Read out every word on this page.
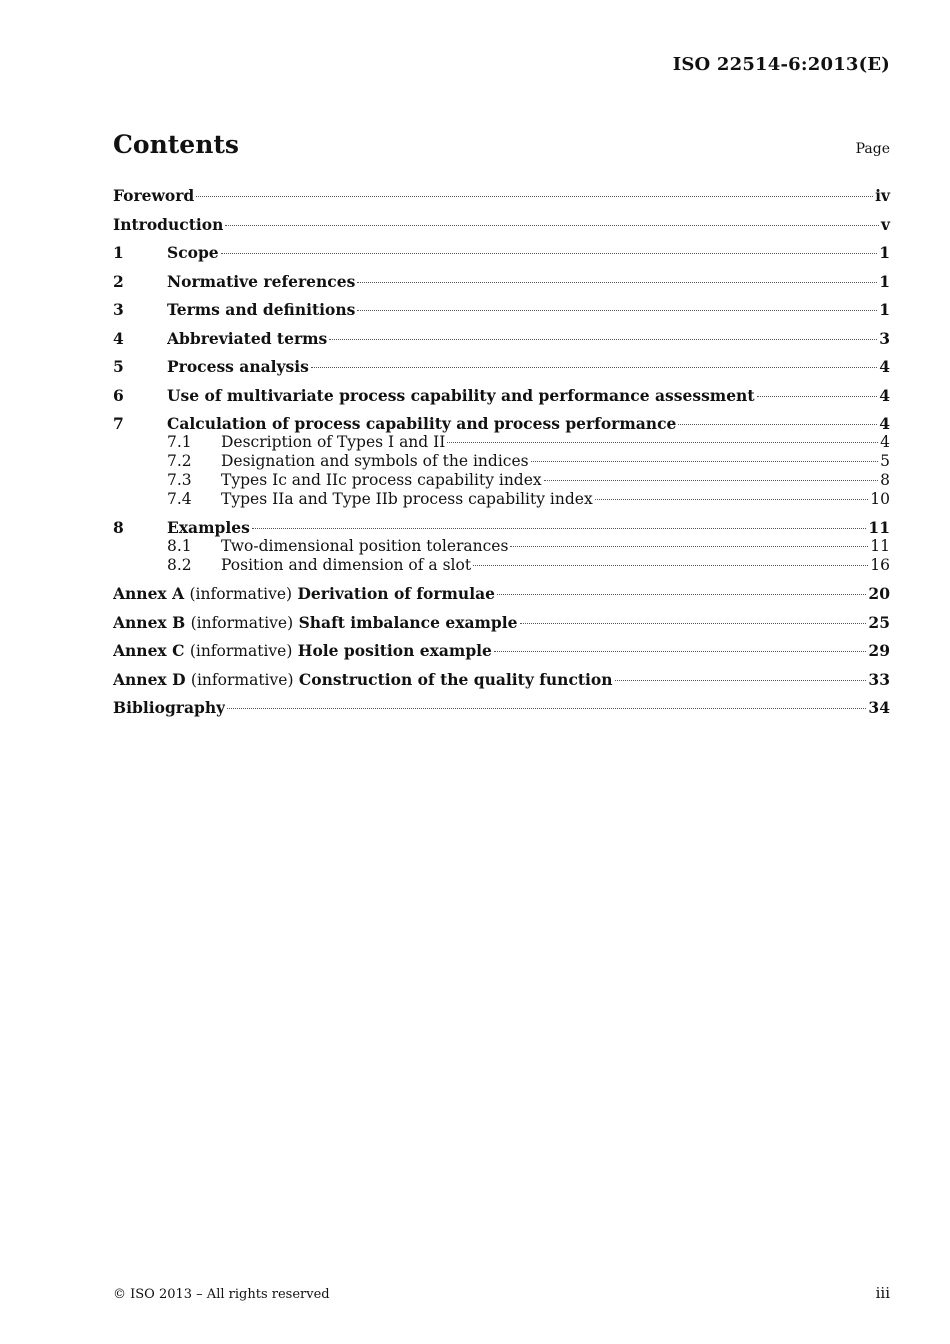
ISO 22514-6:2013(E)
Contents	Page
Foreword	iv
Introduction	v
1	Scope	1
2	Normative references	1
3	Terms and definitions	1
4	Abbreviated terms	3
5	Process analysis	4
6	Use of multivariate process capability and performance assessment	4
7	Calculation of process capability and process performance	4
7.1	Description of Types I and II	4
7.2	Designation and symbols of the indices	5
7.3	Types Ic and IIc process capability index	8
7.4	Types IIa and Type IIb process capability index	10
8	Examples	11
8.1	Two-dimensional position tolerances	11
8.2	Position and dimension of a slot	16
Annex A (informative) Derivation of formulae	20
Annex B (informative) Shaft imbalance example	25
Annex C (informative) Hole position example	29
Annex D (informative) Construction of the quality function	33
Bibliography	34
© ISO 2013 – All rights reserved	iii
